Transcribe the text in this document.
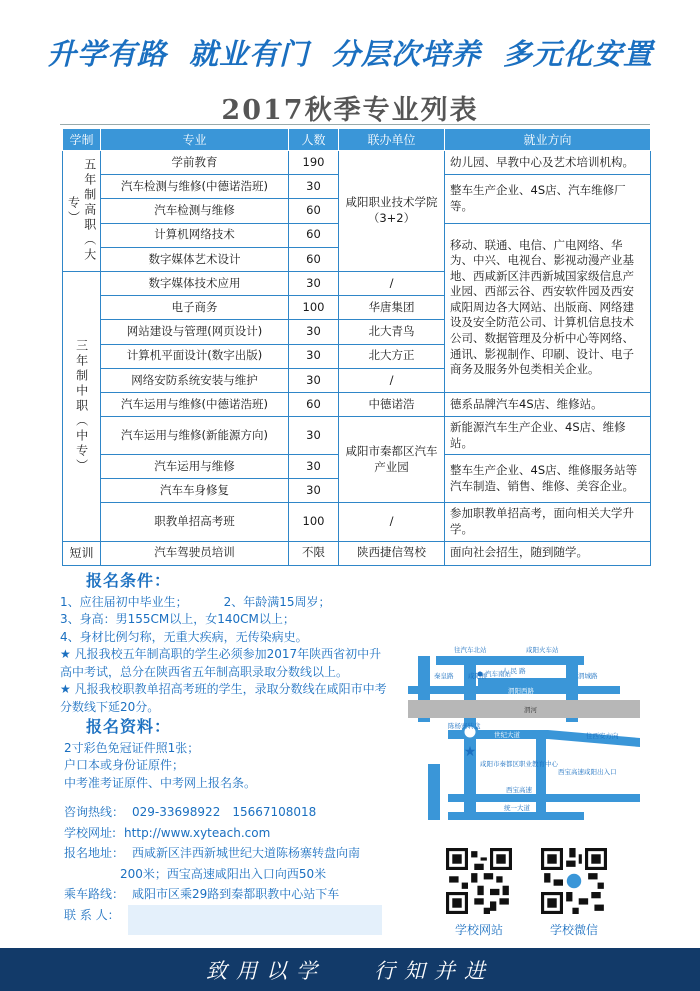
升学有路 就业有门 分层次培养 多元化安置
2017秋季专业列表
学制	专业	人数	联办单位	就业方向
五年制高职（大专）	学前教育	190	咸阳职业技术学院（3+2）	幼儿园、早教中心及艺术培训机构。
	汽车检测与维修(中德诺浩班)	30		整车生产企业、4S店、汽车维修厂等。
	汽车检测与维修	60		
	计算机网络技术	60		移动、联通、电信、广电网络、华为、中兴、电视台、影视动漫产业基地、西咸新区沣西新城国家级信息产业园、西部云谷、西安软件园及西安咸阳周边各大网站、出版商、网络建设及安全防范公司、计算机信息技术公司、数据管理及分析中心等网络、通讯、影视制作、印刷、设计、电子商务及服务外包类相关企业。
	数字媒体艺术设计	60		
三年制中职（中专）	数字媒体技术应用	30	/	
	电子商务	100	华唐集团	
	网站建设与管理(网页设计)	30	北大青鸟	
	计算机平面设计(数字出版)	30	北大方正	
	网络安防系统安装与维护	30	/	
	汽车运用与维修(中德诺浩班)	60	中德诺浩	德系品牌汽车4S店、维修站。
	汽车运用与维修(新能源方向)	30	咸阳市秦都区汽车产业园	新能源汽车生产企业、4S店、维修站。
	汽车运用与维修	30		整车生产企业、4S店、维修服务站等汽车制造、销售、维修、美容企业。
	汽车车身修复	30		
	职教单招高考班	100	/	参加职教单招高考，面向相关大学升学。
短训	汽车驾驶员培训	不限	陕西捷信驾校	面向社会招生，随到随学。
报名条件：
1、应往届初中毕业生；	2、年龄满15周岁；
3、身高：男155CM以上，女140CM以上；
4、身材比例匀称，无重大疾病，无传染病史。
★ 凡报我校五年制高职的学生必须参加2017年陕西省初中升高中考试，总分在陕西省五年制高职录取分数线以上。
★ 凡报我校职教单招高考班的学生，录取分数线在咸阳市中考分数线下延20分。
报名资料：
2寸彩色免冠证件照1张；
户口本或身份证原件；
中考准考证原件、中考网上报名条。
咨询热线： 029-33698922　15667108018
学校网址: http://www.xyteach.com
报名地址： 西咸新区沣西新城世纪大道陈杨寨转盘向南
200米；西宝高速咸阳出入口向西50米
乘车路线： 咸阳市区乘29路到秦都职教中心站下车
联 系 人：
★
往汽车北站	咸阳火车站
人 民 路
汽车南站
渭阳西路
渭河
陈杨寨转盘
世纪大道	往西安方向
咸阳市秦都区职业教育中心
西宝高速咸阳出入口
西宝高速
统一大道
秦皇路 咸阳桥	渭城路
学校网站	学校微信
致用以学 行知并进
